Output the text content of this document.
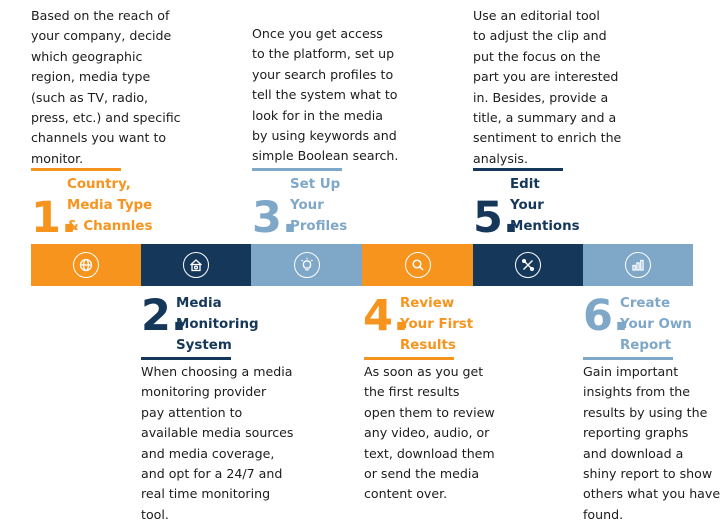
Based on the reach of
your company, decide
which geographic
region, media type
(such as TV, radio,
press, etc.) and specific
channels you want to
monitor.
1.
Country,
Media Type
& Channles
Once you get access
to the platform, set up
your search profiles to
tell the system what to
look for in the media
by using keywords and
simple Boolean search.
3.
Set Up
Your
Profiles
Use an editorial tool
to adjust the clip and
put the focus on the
part you are interested
in. Besides, provide a
title, a summary and a
sentiment to enrich the
analysis.
5.
Edit
Your
Mentions
2.
Media
Monitoring
System
When choosing a media
monitoring provider
pay attention to
available media sources
and media coverage,
and opt for a 24/7 and
real time monitoring
tool.
4.
Review
Your First
Results
As soon as you get
the first results
open them to review
any video, audio, or
text, download them
or send the media
content over.
6.
Create
Your Own
Report
Gain important
insights from the
results by using the
reporting graphs
and download a
shiny report to show
others what you have
found.
